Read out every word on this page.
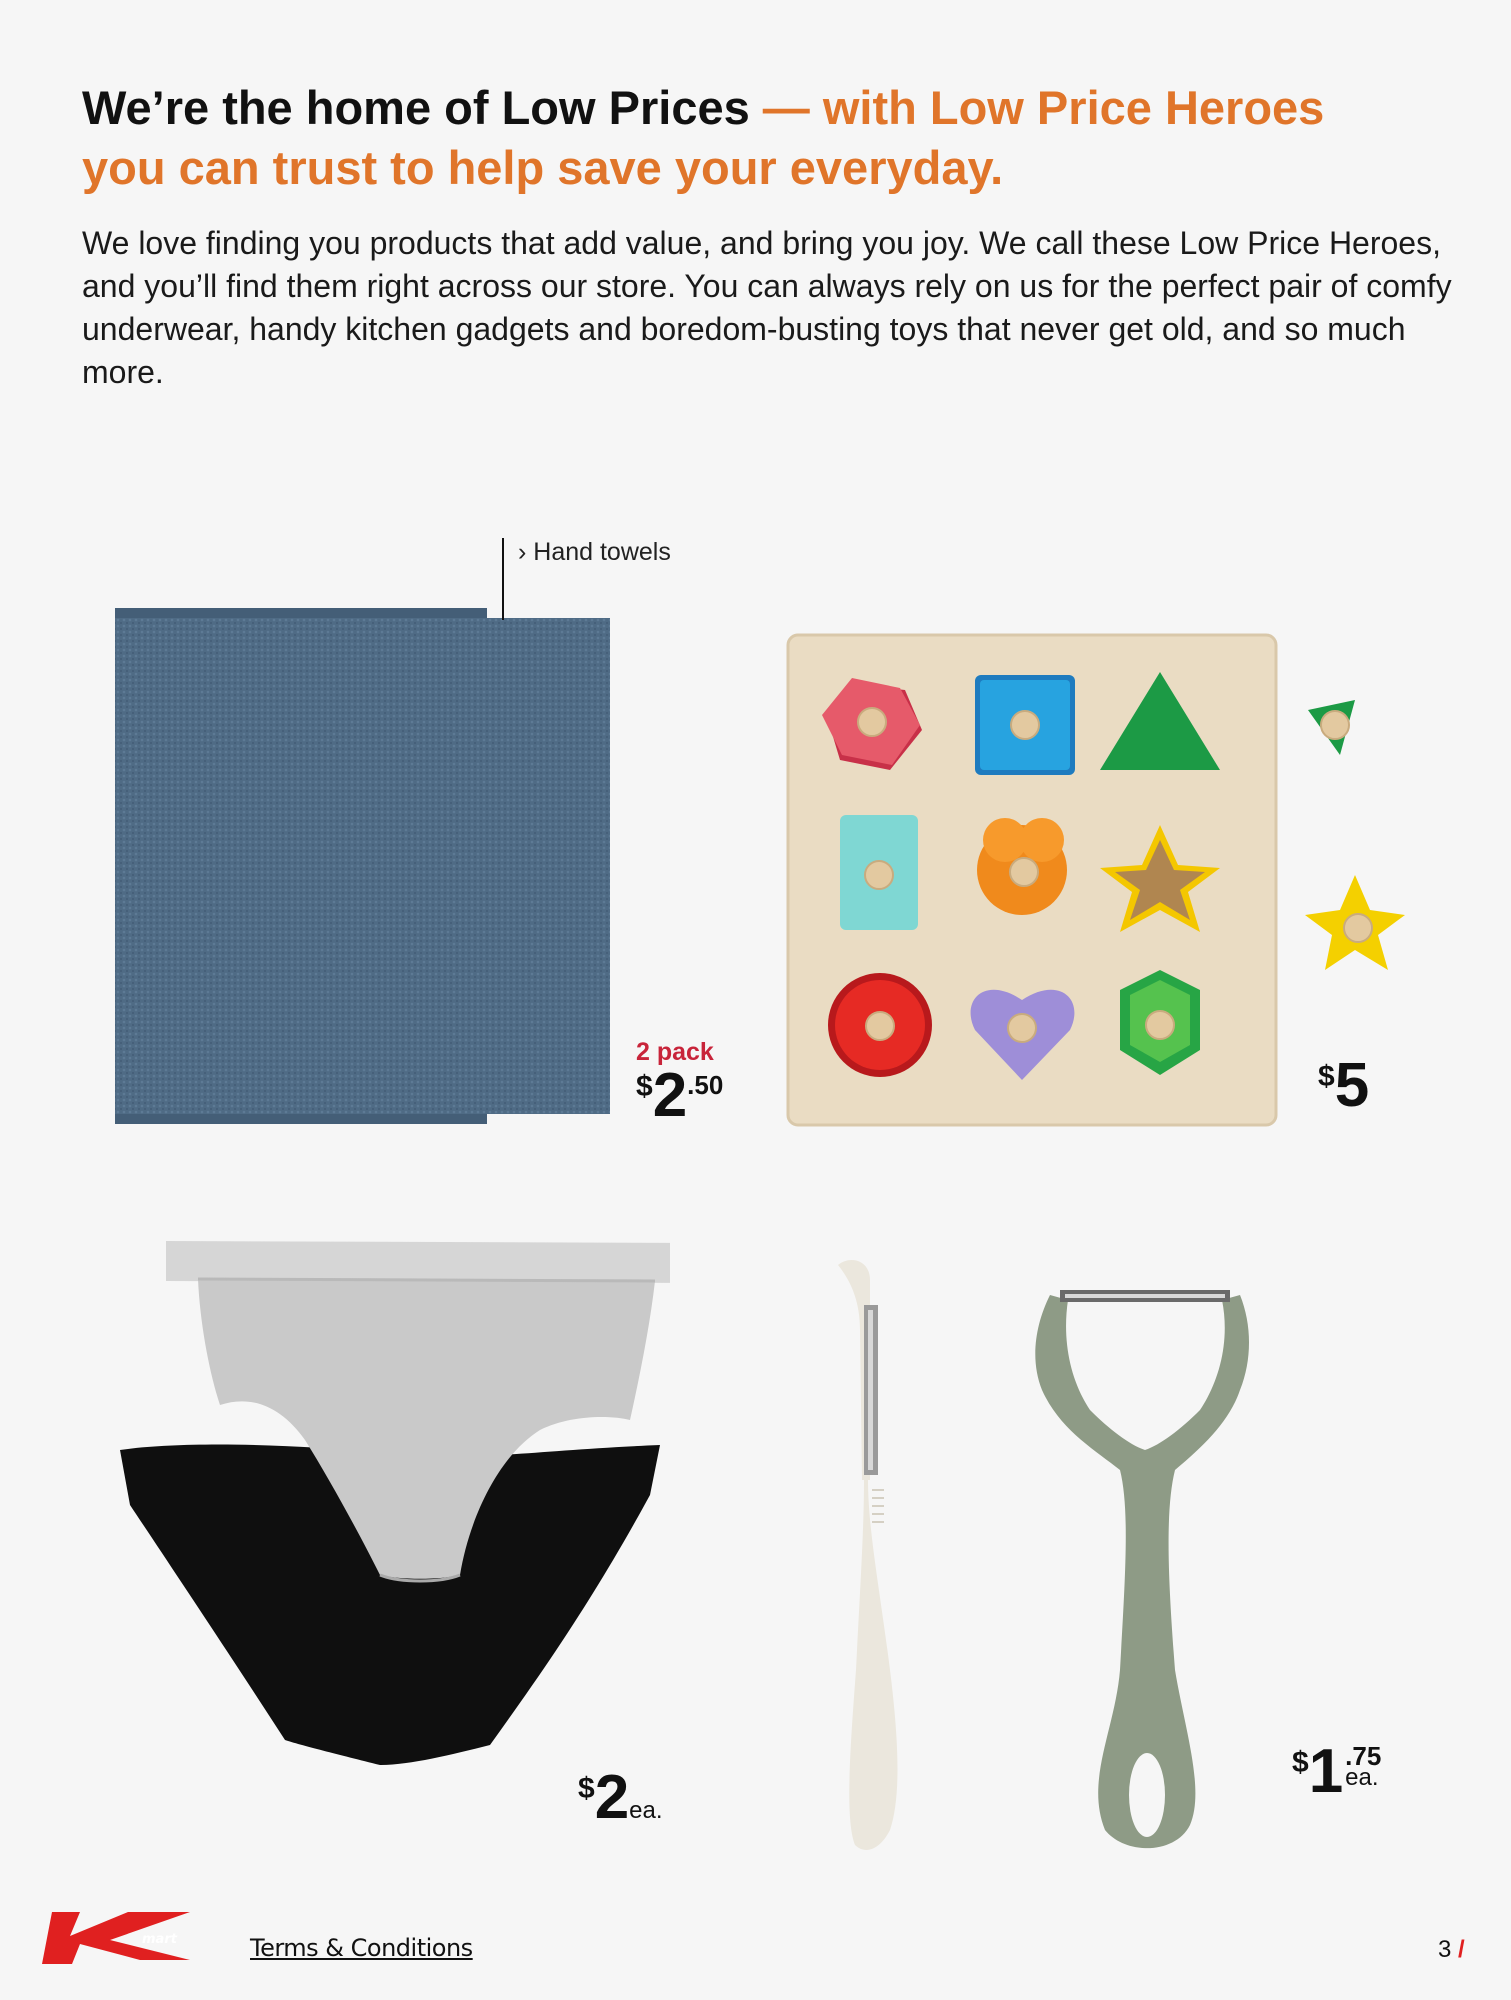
We’re the home of Low Prices — with Low Price Heroes
you can trust to help save your everyday.

We love finding you products that add value, and bring you joy. We call these Low Price Heroes, and you’ll find them right across our store. You can always rely on us for the perfect pair of comfy underwear, handy kitchen gadgets and boredom-busting toys that never get old, and so much more.

› Hand towels
2 pack
$2.50	$5
$2ea.
$1 .75
ea.
mart	Terms & Conditions	3 /
